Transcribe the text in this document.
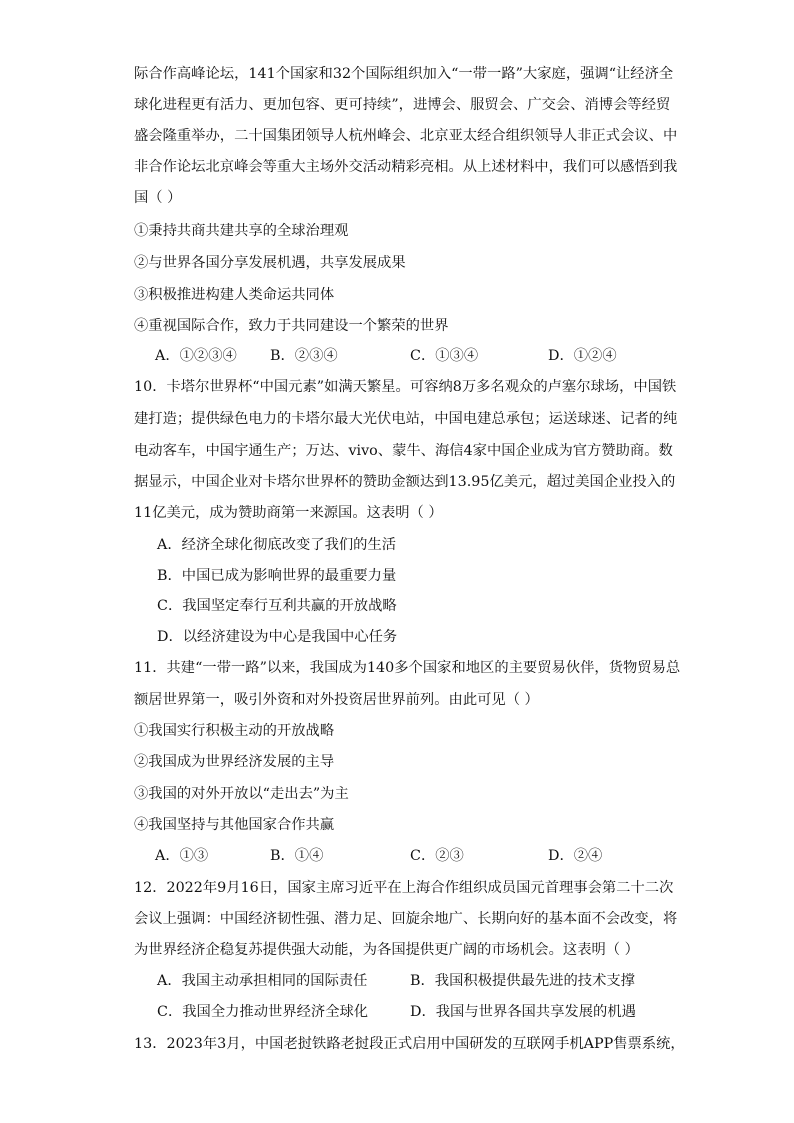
际合作高峰论坛，141个国家和32个国际组织加入“一带一路”大家庭，强调“让经济全
球化进程更有活力、更加包容、更可持续”，进博会、服贸会、广交会、消博会等经贸
盛会隆重举办，二十国集团领导人杭州峰会、北京亚太经合组织领导人非正式会议、中
非合作论坛北京峰会等重大主场外交活动精彩亮相。从上述材料中，我们可以感悟到我
国（ ）
①秉持共商共建共享的全球治理观
②与世界各国分享发展机遇，共享发展成果
③积极推进构建人类命运共同体
④重视国际合作，致力于共同建设一个繁荣的世界
A．①②③④ B．②③④	C．①③④	D．①②④
10．卡塔尔世界杯“中国元素”如满天繁星。可容纳8万多名观众的卢塞尔球场，中国铁
建打造；提供绿色电力的卡塔尔最大光伏电站，中国电建总承包；运送球迷、记者的纯
电动客车，中国宇通生产；万达、vivo、蒙牛、海信4家中国企业成为官方赞助商。数
据显示，中国企业对卡塔尔世界杯的赞助金额达到13.95亿美元，超过美国企业投入的
11亿美元，成为赞助商第一来源国。这表明（ ）
A．经济全球化彻底改变了我们的生活
B．中国已成为影响世界的最重要力量
C．我国坚定奉行互利共赢的开放战略
D．以经济建设为中心是我国中心任务
11．共建“一带一路”以来，我国成为140多个国家和地区的主要贸易伙伴，货物贸易总
额居世界第一，吸引外资和对外投资居世界前列。由此可见（ ）
①我国实行积极主动的开放战略
②我国成为世界经济发展的主导
③我国的对外开放以“走出去”为主
④我国坚持与其他国家合作共赢
A．①③	B．①④	C．②③	D．②④
12．2022年9月16日，国家主席习近平在上海合作组织成员国元首理事会第二十二次
会议上强调：中国经济韧性强、潜力足、回旋余地广、长期向好的基本面不会改变，将
为世界经济企稳复苏提供强大动能，为各国提供更广阔的市场机会。这表明（ ）
A．我国主动承担相同的国际责任	B．我国积极提供最先进的技术支撑
C．我国全力推动世界经济全球化	D．我国与世界各国共享发展的机遇
13．2023年3月，中国老挝铁路老挝段正式启用中国研发的互联网手机APP售票系统，
